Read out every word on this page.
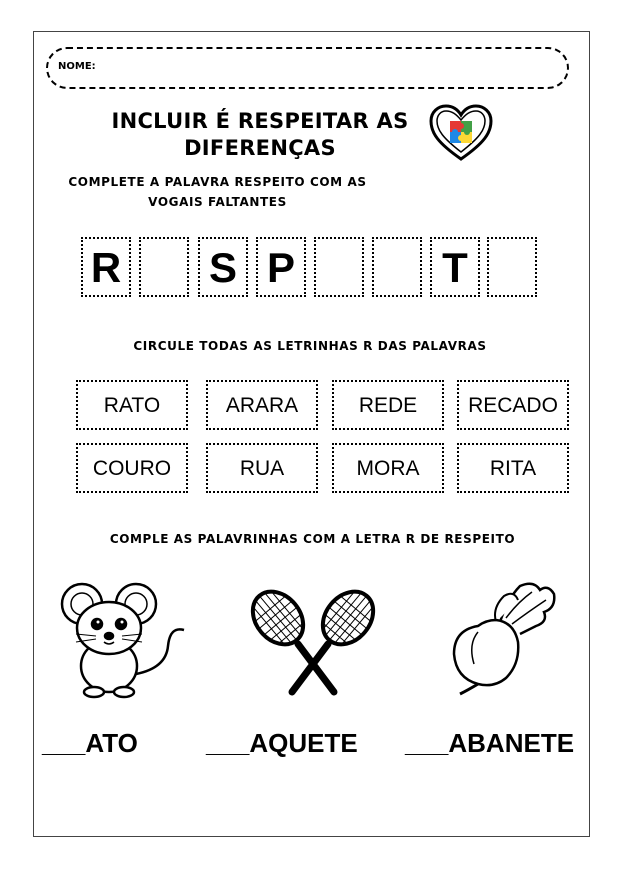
NOME:
INCLUIR É RESPEITAR AS
DIFERENÇAS
COMPLETE A PALAVRA RESPEITO COM AS
VOGAIS FALTANTES
R S P	T
CIRCULE TODAS AS LETRINHAS R DAS PALAVRAS
RATO	ARARA	REDE	RECADO
COURO	RUA	MORA	RITA
COMPLE AS PALAVRINHAS COM A LETRA R DE RESPEITO
___ATO	___AQUETE ___ABANETE
